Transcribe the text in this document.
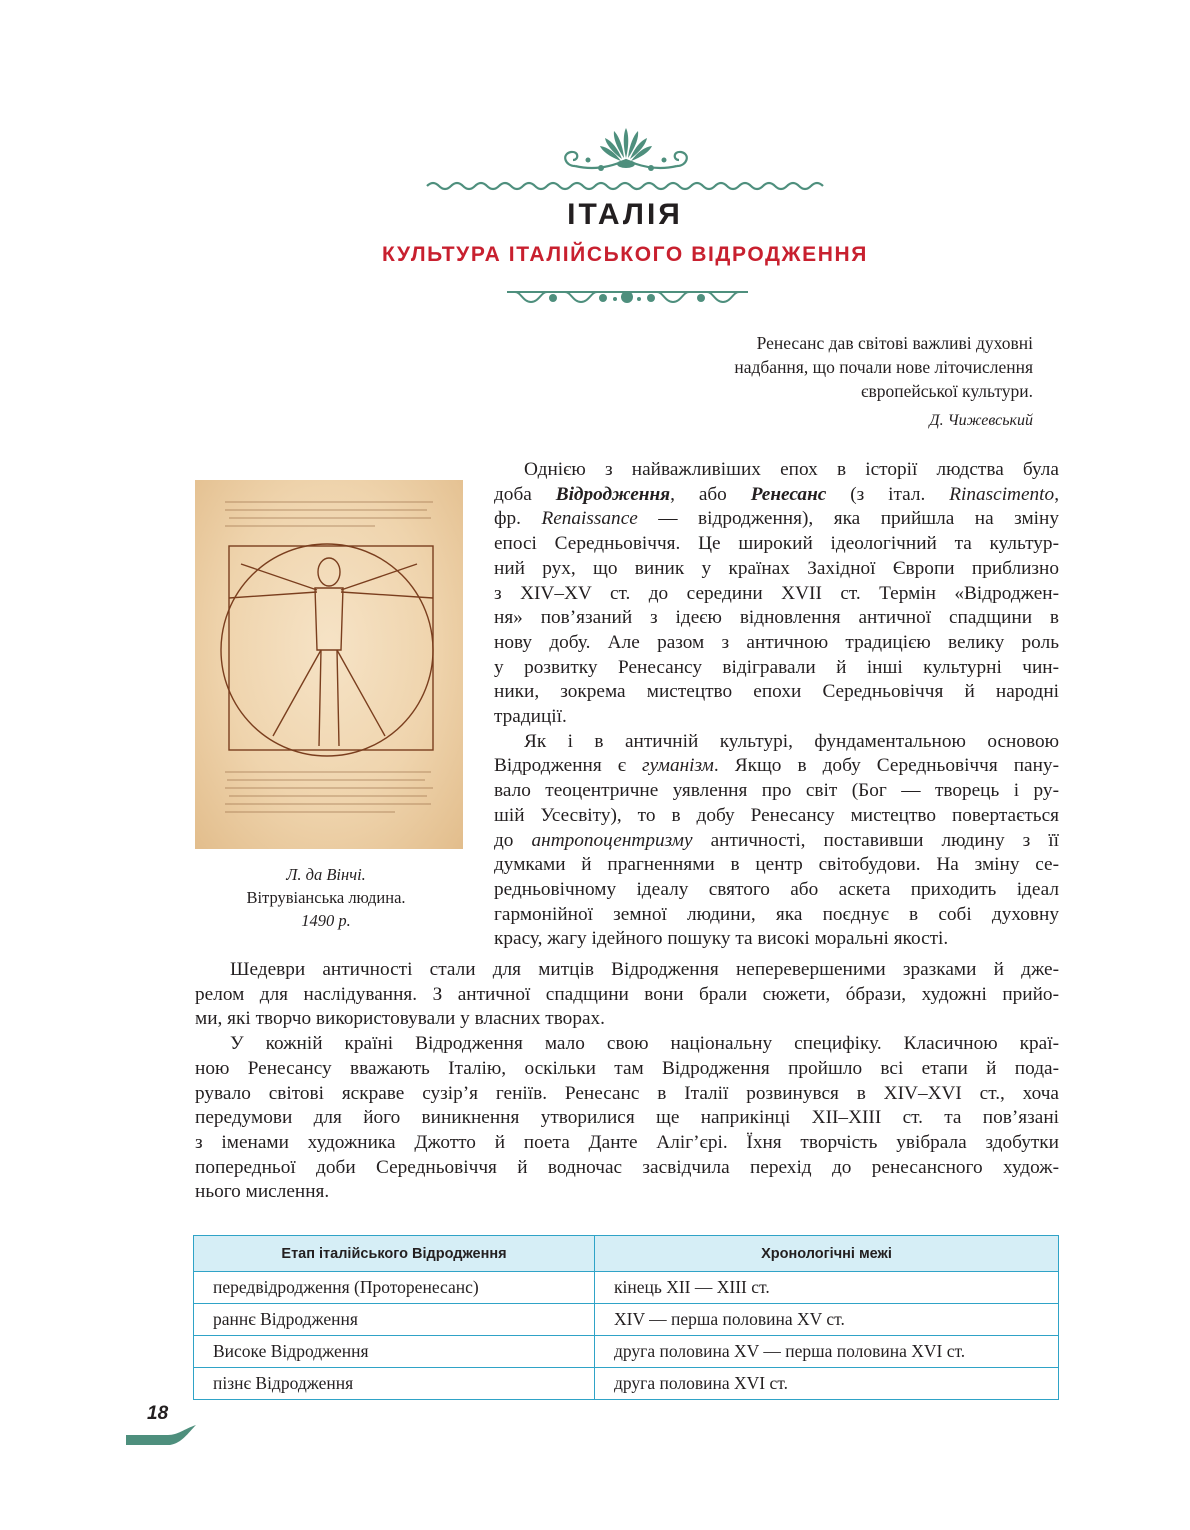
ІТАЛІЯ
КУЛЬТУРА ІТАЛІЙСЬКОГО ВІДРОДЖЕННЯ
Ренесанс дав світові важливі духовні
надбання, що почали нове літочислення
європейської культури.
Д. Чижевський
Л. да Вінчі.
Вітрувіанська людина.
1490 р.
Однією з найважливіших епох в історії людства була
доба Відродження, або Ренесанс (з італ. Rinascimento,
фр. Renaissance — відродження), яка прийшла на зміну
епосі Середньовіччя. Це широкий ідеологічний та культур-
ний рух, що виник у країнах Західної Європи приблизно
з XIV–XV ст. до середини XVII ст. Термін «Відроджен-
ня» пов’язаний з ідеєю відновлення античної спадщини в
нову добу. Але разом з античною традицією велику роль
у розвитку Ренесансу відігравали й інші культурні чин-
ники, зокрема мистецтво епохи Середньовіччя й народні
традиції.
Як і в античній культурі, фундаментальною основою
Відродження є гуманізм. Якщо в добу Середньовіччя пану-
вало теоцентричне уявлення про світ (Бог — творець і ру-
шій Усесвіту), то в добу Ренесансу мистецтво повертається
до антропоцентризму античності, поставивши людину з її
думками й прагненнями в центр світобудови. На зміну се-
редньовічному ідеалу святого або аскета приходить ідеал
гармонійної земної людини, яка поєднує в собі духовну
красу, жагу ідейного пошуку та високі моральні якості.
Шедеври античності стали для митців Відродження неперевершеними зразками й дже-
релом для наслідування. З античної спадщини вони брали сюжети, óбрази, художні прийо-
ми, які творчо використовували у власних творах.
У кожній країні Відродження мало свою національну специфіку. Класичною краї-
ною Ренесансу вважають Італію, оскільки там Відродження пройшло всі етапи й пода-
рувало світові яскраве сузір’я геніїв. Ренесанс в Італії розвинувся в XIV–XVI ст., хоча
передумови для його виникнення утворилися ще наприкінці XII–XIII ст. та пов’язані
з іменами художника Джотто й поета Данте Аліг’єрі. Їхня творчість увібрала здобутки
попередньої доби Середньовіччя й водночас засвідчила перехід до ренесансного худож-
нього мислення.
Етап італійського Відродження	Хронологічні межі
передвідродження (Проторенесанс)	кінець XII — XIII ст.
раннє Відродження	XIV — перша половина XV ст.
Високе Відродження	друга половина XV — перша половина XVI ст.
пізнє Відродження	друга половина XVI ст.
18
